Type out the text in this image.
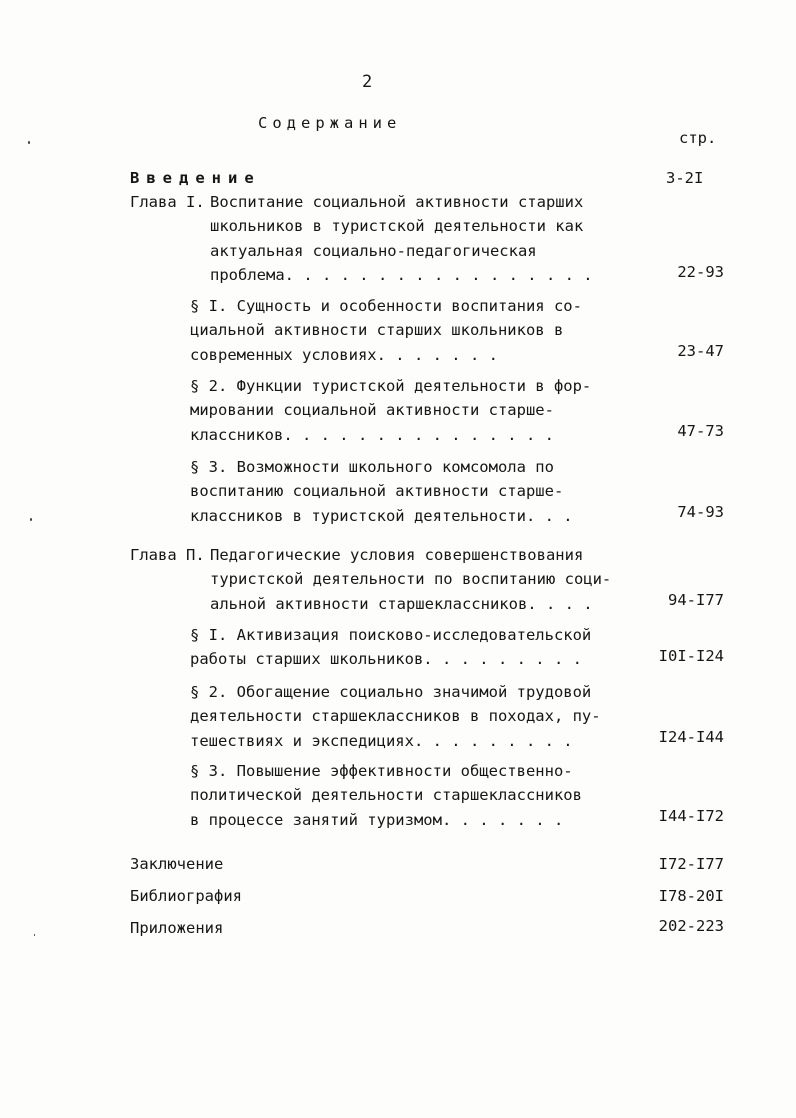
2
Содержание
стр.
Введение	3-2I
Глава I. Воспитание социальной активности старших
школьников в туристской деятельности как
актуальная социально-педагогическая
проблема. . . . . . . . . . . . . . . . .	22-93
§ I. Сущность и особенности воспитания со-
циальной активности старших школьников в
современных условиях. . . . . . .	23-47
§ 2. Функции туристской деятельности в фор-
мировании социальной активности старше-
классников. . . . . . . . . . . . . . .	47-73
§ 3. Возможности школьного комсомола по
воспитанию социальной активности старше-
классников в туристской деятельности. . .	74-93
Глава П. Педагогические условия совершенствования
туристской деятельности по воспитанию соци-
альной активности старшеклассников. . . .	94-I77
§ I. Активизация поисково-исследовательской
работы старших школьников. . . . . . . . .	I0I-I24
§ 2. Обогащение социально значимой трудовой
деятельности старшеклассников в походах, пу-
тешествиях и экспедициях. . . . . . . . .	I24-I44
§ 3. Повышение эффективности общественно-
политической деятельности старшеклассников
в процессе занятий туризмом. . . . . . .	I44-I72
Заключение	I72-I77
Библиография	I78-20I
Приложения	202-223
